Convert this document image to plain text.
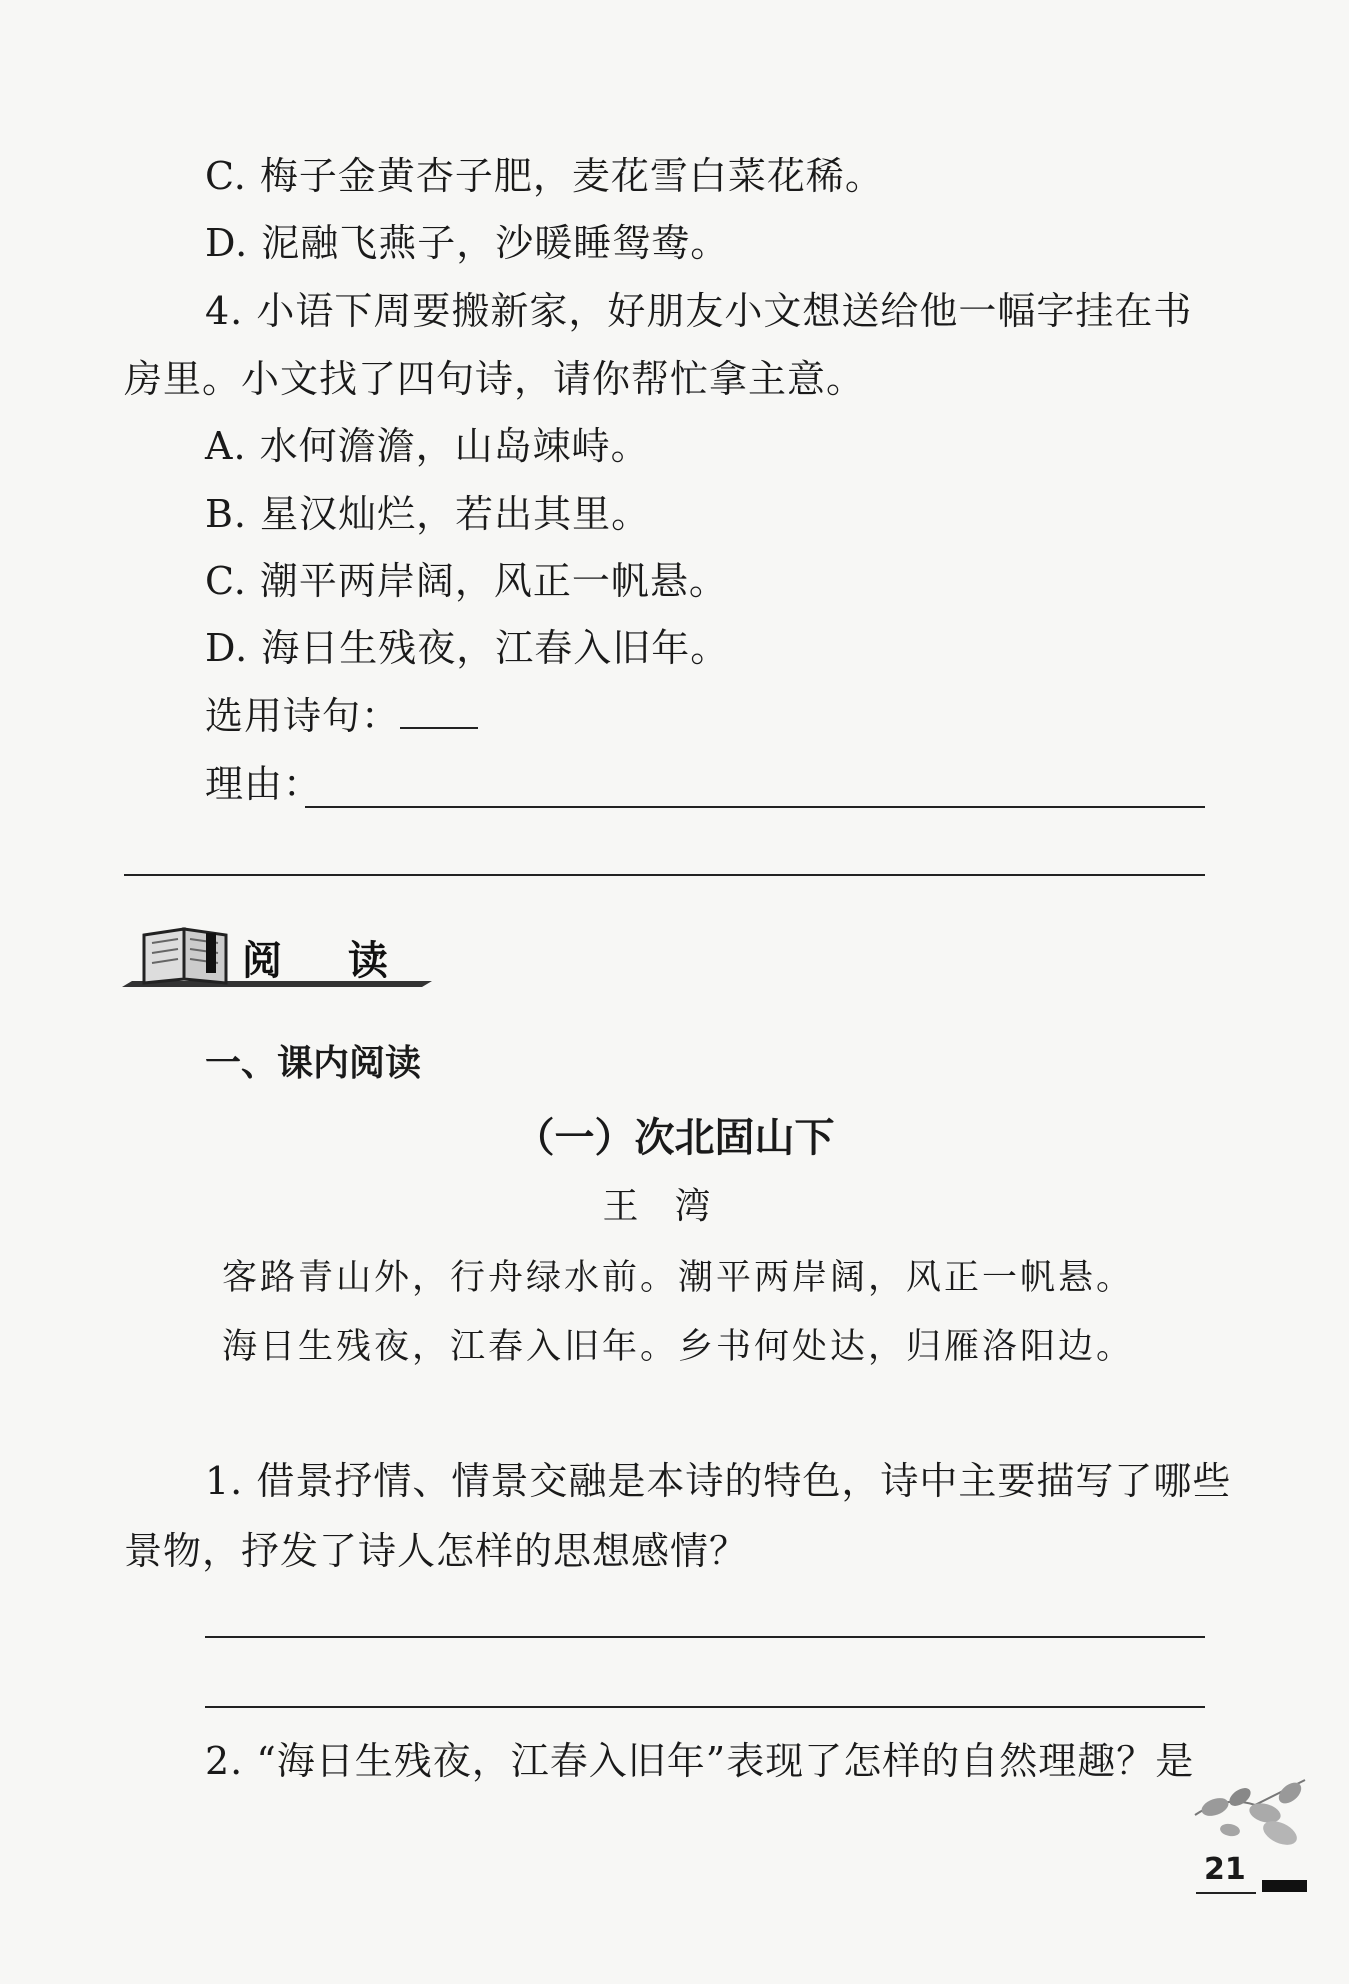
C. 梅子金黄杏子肥，麦花雪白菜花稀。
D. 泥融飞燕子，沙暖睡鸳鸯。
4. 小语下周要搬新家，好朋友小文想送给他一幅字挂在书
房里。小文找了四句诗，请你帮忙拿主意。
A. 水何澹澹，山岛竦峙。
B. 星汉灿烂，若出其里。
C. 潮平两岸阔，风正一帆悬。
D. 海日生残夜，江春入旧年。
选用诗句：
理由：
阅 读
一、课内阅读
（一）次北固山下
王湾
客路青山外，行舟绿水前。潮平两岸阔，风正一帆悬。
海日生残夜，江春入旧年。乡书何处达，归雁洛阳边。
1. 借景抒情、情景交融是本诗的特色，诗中主要描写了哪些
景物，抒发了诗人怎样的思想感情？
2. “海日生残夜，江春入旧年”表现了怎样的自然理趣？是
21
